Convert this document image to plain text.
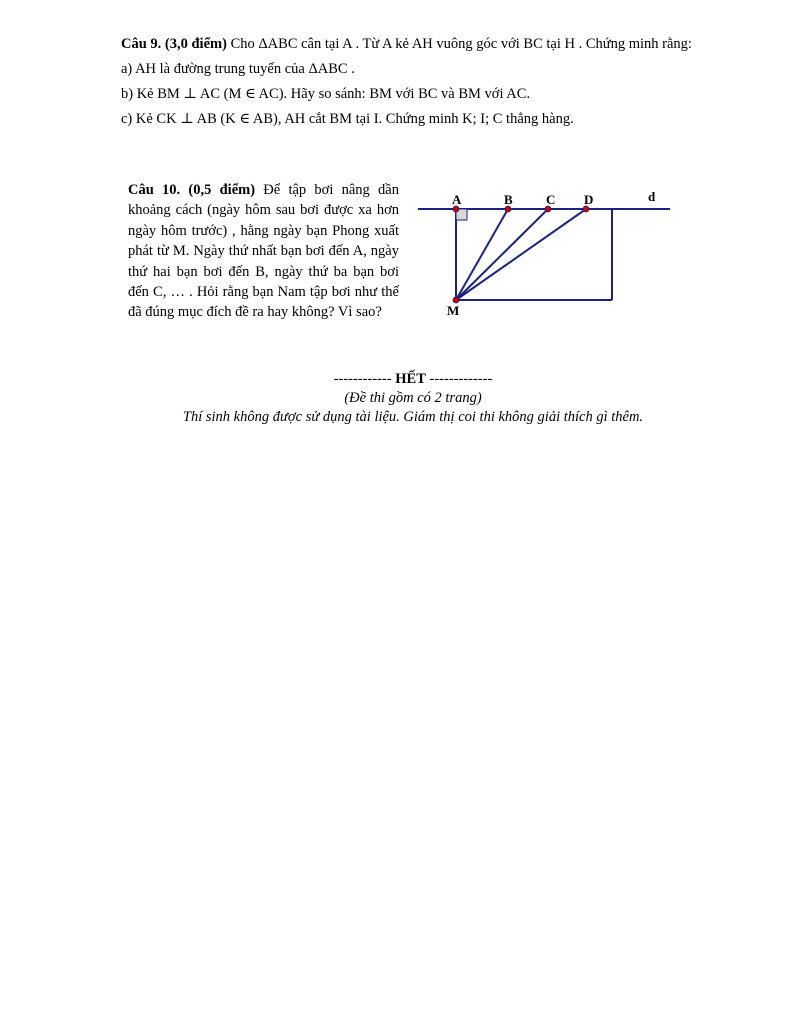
Câu 9. (3,0 điểm) Cho ΔABC cân tại A . Từ A kẻ AH vuông góc với BC tại H . Chứng minh rằng:

a) AH là đường trung tuyến của ΔABC .

b) Kẻ BM ⊥ AC (M ∈ AC). Hãy so sánh: BM với BC và BM với AC.

c) Kẻ CK ⊥ AB (K ∈ AB), AH cắt BM tại I. Chứng minh K; I; C thẳng hàng.

Câu 10. (0,5 điểm) Để tập bơi nâng dần khoảng cách (ngày hôm sau bơi được xa hơn ngày hôm trước) , hằng ngày bạn Phong xuất phát từ M. Ngày thứ nhất bạn bơi đến A, ngày thứ hai bạn bơi đến B, ngày thứ ba bạn bơi đến C, … . Hỏi rằng bạn Nam tập bơi như thế đã đúng mục đích đề ra hay không? Vì sao?
A	B	C D	d
M

------------ HẾT -------------

(Đề thi gồm có 2 trang)

Thí sinh không được sử dụng tài liệu. Giám thị coi thi không giải thích gì thêm.
